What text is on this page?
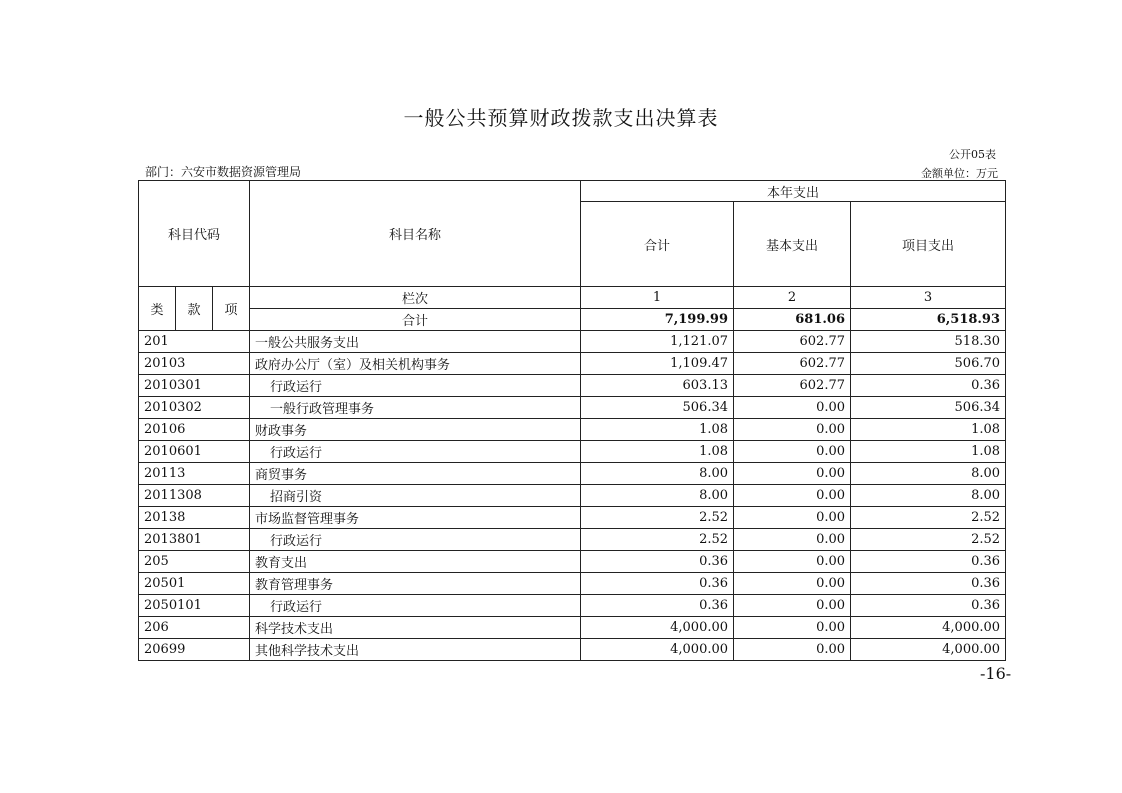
一般公共预算财政拨款支出决算表
公开05表
部门：六安市数据资源管理局	金额单位：万元
科目代码			科目名称	本年支出		
				合计	基本支出	项目支出
类	款	项	栏次	1	2	3
			合计	7,199.99	681.06	6,518.93
201			一般公共服务支出	1,121.07	602.77	518.30
20103			政府办公厅（室）及相关机构事务	1,109.47	602.77	506.70
2010301			行政运行	603.13	602.77	0.36
2010302			一般行政管理事务	506.34	0.00	506.34
20106			财政事务	1.08	0.00	1.08
2010601			行政运行	1.08	0.00	1.08
20113			商贸事务	8.00	0.00	8.00
2011308			招商引资	8.00	0.00	8.00
20138			市场监督管理事务	2.52	0.00	2.52
2013801			行政运行	2.52	0.00	2.52
205			教育支出	0.36	0.00	0.36
20501			教育管理事务	0.36	0.00	0.36
2050101			行政运行	0.36	0.00	0.36
206			科学技术支出	4,000.00	0.00	4,000.00
20699			其他科学技术支出	4,000.00	0.00	4,000.00
-16-
